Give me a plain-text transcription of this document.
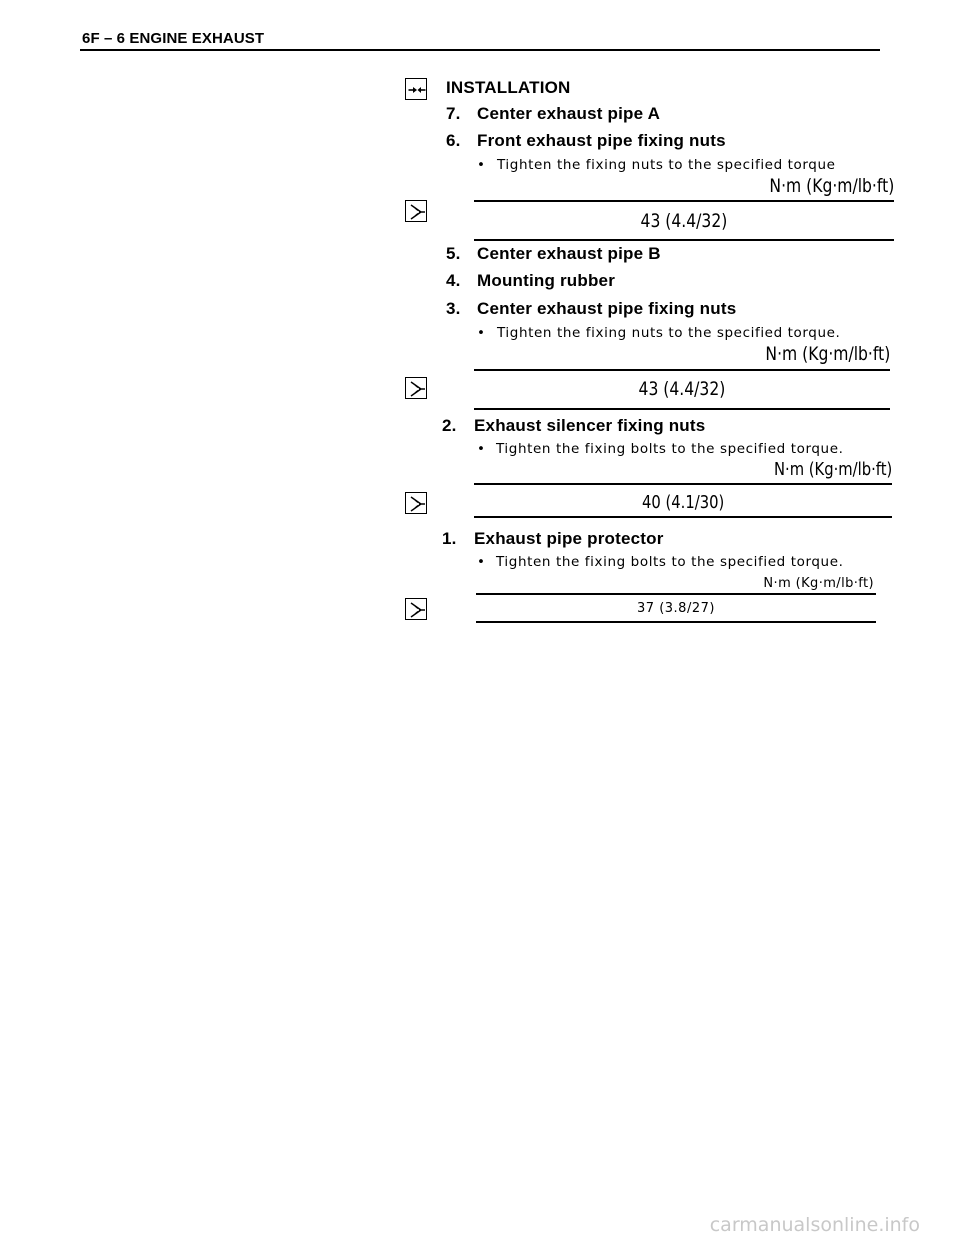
6F – 6 ENGINE EXHAUST
INSTALLATION
7. Center exhaust pipe A
6. Front exhaust pipe fixing nuts
• Tighten the fixing nuts to the specified torque
N·m (Kg·m/lb·ft)
43 (4.4/32)
5. Center exhaust pipe B
4. Mounting rubber
3. Center exhaust pipe fixing nuts
• Tighten the fixing nuts to the specified torque.
N·m (Kg·m/lb·ft)
43 (4.4/32)
2. Exhaust silencer fixing nuts
• Tighten the fixing bolts to the specified torque.
N·m (Kg·m/lb·ft)
40 (4.1/30)
1. Exhaust pipe protector
• Tighten the fixing bolts to the specified torque.
N·m (Kg·m/lb·ft)
37 (3.8/27)
carmanualsonline.info
